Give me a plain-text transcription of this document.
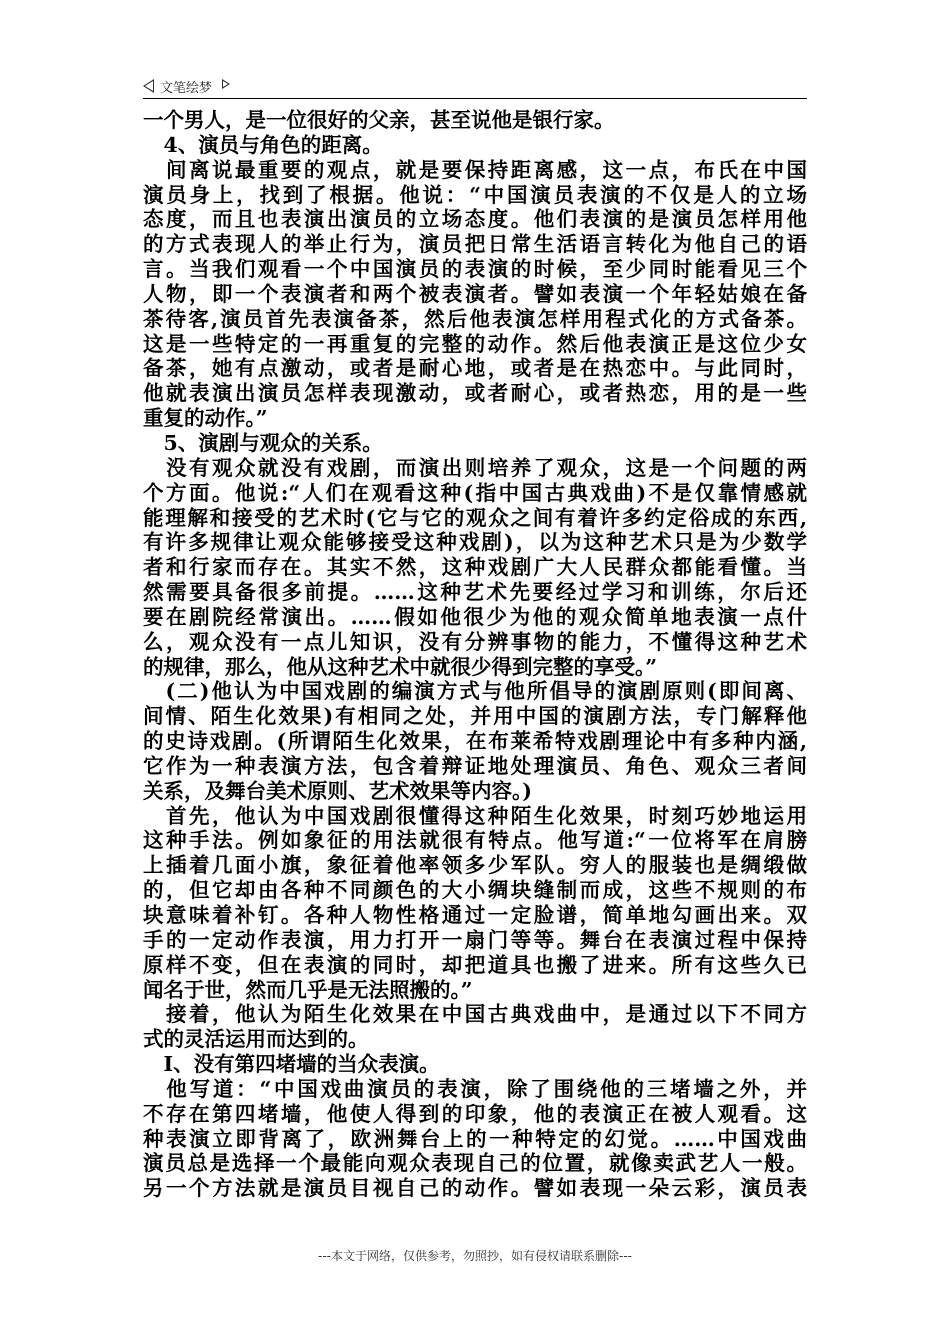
文笔绘梦
一个男人，是一位很好的父亲，甚至说他是银行家。
　4、演员与角色的距离。
　间离说最重要的观点，就是要保持距离感，这一点，布氏在中国
演员身上，找到了根据。他说：“中国演员表演的不仅是人的立场
态度，而且也表演出演员的立场态度。他们表演的是演员怎样用他
的方式表现人的举止行为，演员把日常生活语言转化为他自己的语
言。当我们观看一个中国演员的表演的时候，至少同时能看见三个
人物，即一个表演者和两个被表演者。譬如表演一个年轻姑娘在备
茶待客,演员首先表演备茶，然后他表演怎样用程式化的方式备茶。
这是一些特定的一再重复的完整的动作。然后他表演正是这位少女
备茶，她有点激动，或者是耐心地，或者是在热恋中。与此同时，
他就表演出演员怎样表现激动，或者耐心，或者热恋，用的是一些
重复的动作。”
　5、演剧与观众的关系。
　没有观众就没有戏剧，而演出则培养了观众，这是一个问题的两
个方面。他说:“人们在观看这种(指中国古典戏曲)不是仅靠情感就
能理解和接受的艺术时(它与它的观众之间有着许多约定俗成的东西,
有许多规律让观众能够接受这种戏剧)，以为这种艺术只是为少数学
者和行家而存在。其实不然，这种戏剧广大人民群众都能看懂。当
然需要具备很多前提。……这种艺术先要经过学习和训练，尔后还
要在剧院经常演出。……假如他很少为他的观众简单地表演一点什
么，观众没有一点儿知识，没有分辨事物的能力，不懂得这种艺术
的规律，那么，他从这种艺术中就很少得到完整的享受。”
　(二)他认为中国戏剧的编演方式与他所倡导的演剧原则(即间离、
间情、陌生化效果)有相同之处，并用中国的演剧方法，专门解释他
的史诗戏剧。(所谓陌生化效果，在布莱希特戏剧理论中有多种内涵,
它作为一种表演方法，包含着辩证地处理演员、角色、观众三者间
关系，及舞台美术原则、艺术效果等内容。)
　首先，他认为中国戏剧很懂得这种陌生化效果，时刻巧妙地运用
这种手法。例如象征的用法就很有特点。他写道:“一位将军在肩膀
上插着几面小旗，象征着他率领多少军队。穷人的服装也是绸缎做
的，但它却由各种不同颜色的大小绸块缝制而成，这些不规则的布
块意味着补钉。各种人物性格通过一定脸谱，简单地勾画出来。双
手的一定动作表演，用力打开一扇门等等。舞台在表演过程中保持
原样不变，但在表演的同时，却把道具也搬了进来。所有这些久已
闻名于世，然而几乎是无法照搬的。”
　接着，他认为陌生化效果在中国古典戏曲中，是通过以下不同方
式的灵活运用而达到的。
　I、没有第四堵墙的当众表演。
　他写道：“中国戏曲演员的表演，除了围绕他的三堵墙之外，并
不存在第四堵墙，他使人得到的印象，他的表演正在被人观看。这
种表演立即背离了，欧洲舞台上的一种特定的幻觉。……中国戏曲
演员总是选择一个最能向观众表现自己的位置，就像卖武艺人一般。
另一个方法就是演员目视自己的动作。譬如表现一朵云彩，演员表
---本文于网络，仅供参考，勿照抄，如有侵权请联系删除---
